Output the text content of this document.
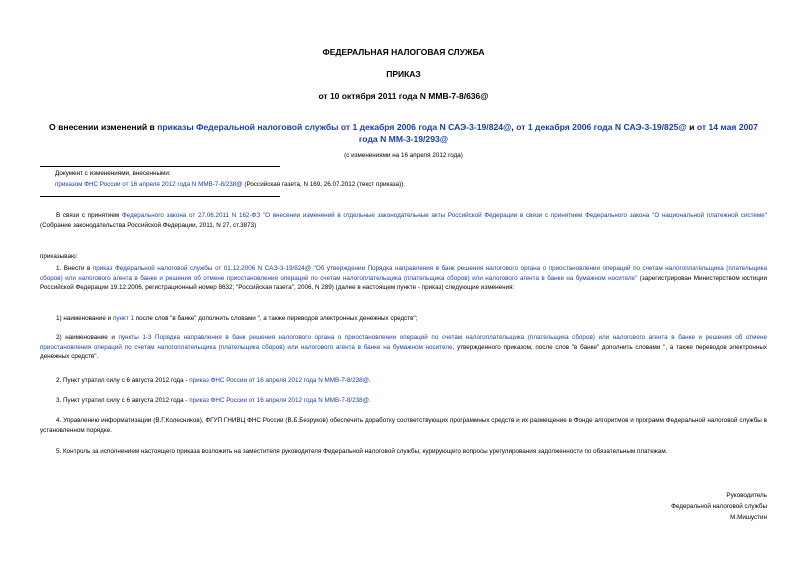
ФЕДЕРАЛЬНАЯ НАЛОГОВАЯ СЛУЖБА
ПРИКАЗ
от 10 октября 2011 года N ММВ-7-8/636@
О внесении изменений в приказы Федеральной налоговой службы от 1 декабря 2006 года N САЭ-3-19/824@, от 1 декабря 2006 года N САЭ-3-19/825@ и от 14 мая 2007 года N ММ-3-19/293@
(с изменениями на 16 апреля 2012 года)
Документ с изменениями, внесенными:
приказом ФНС России от 16 апреля 2012 года N ММВ-7-8/238@ (Российская газета, N 169, 26.07.2012 (текст приказа)).
В связи с принятием Федерального закона от 27.06.2011 N 162-ФЗ "О внесении изменений в отдельные законодательные акты Российской Федерации в связи с принятием Федерального закона "О национальной платежной системе" (Собрание законодательства Российской Федерации, 2011, N 27, ст.3873)
приказываю:
1. Внести в приказ Федеральной налоговой службы от 01.12.2006 N САЭ-3-19/824@ "Об утверждении Порядка направления в банк решения налогового органа о приостановлении операций по счетам налогоплательщика (плательщика сборов) или налогового агента в банке и решения об отмене приостановления операций по счетам налогоплательщика (плательщика сборов) или налогового агента в банке на бумажном носителе" (зарегистрирован Министерством юстиции Российской Федерации 19.12.2006, регистрационный номер 8632; "Российская газета", 2006, N 289) (далее в настоящем пункте - приказ) следующие изменения:
1) наименование и пункт 1 после слов "в банке" дополнить словами ", а также переводов электронных денежных средств";
2) наименование и пункты 1-3 Порядка направления в банк решения налогового органа о приостановлении операций по счетам налогоплательщика (плательщика сборов) или налогового агента в банке и решения об отмене приостановления операций по счетам налогоплательщика (плательщика сборов) или налогового агента в банке на бумажном носителе, утвержденного приказом, после слов "в банке" дополнить словами ", а также переводов электронных денежных средств".
2. Пункт утратил силу с 6 августа 2012 года - приказ ФНС России от 16 апреля 2012 года N ММВ-7-8/238@.
3. Пункт утратил силу с 6 августа 2012 года - приказ ФНС России от 16 апреля 2012 года N ММВ-7-8/238@.
4. Управлению информатизации (В.Г.Колесников), ФГУП ГНИВЦ ФНС России (В.Б.Безруков) обеспечить доработку соответствующих программных средств и их размещение в Фонде алгоритмов и программ Федеральной налоговой службы в установленном порядке.
5. Контроль за исполнением настоящего приказа возложить на заместителя руководителя Федеральной налоговой службы, курирующего вопросы урегулирования задолженности по обязательным платежам.
Руководитель
Федеральной налоговой службы
М.Мишустин
